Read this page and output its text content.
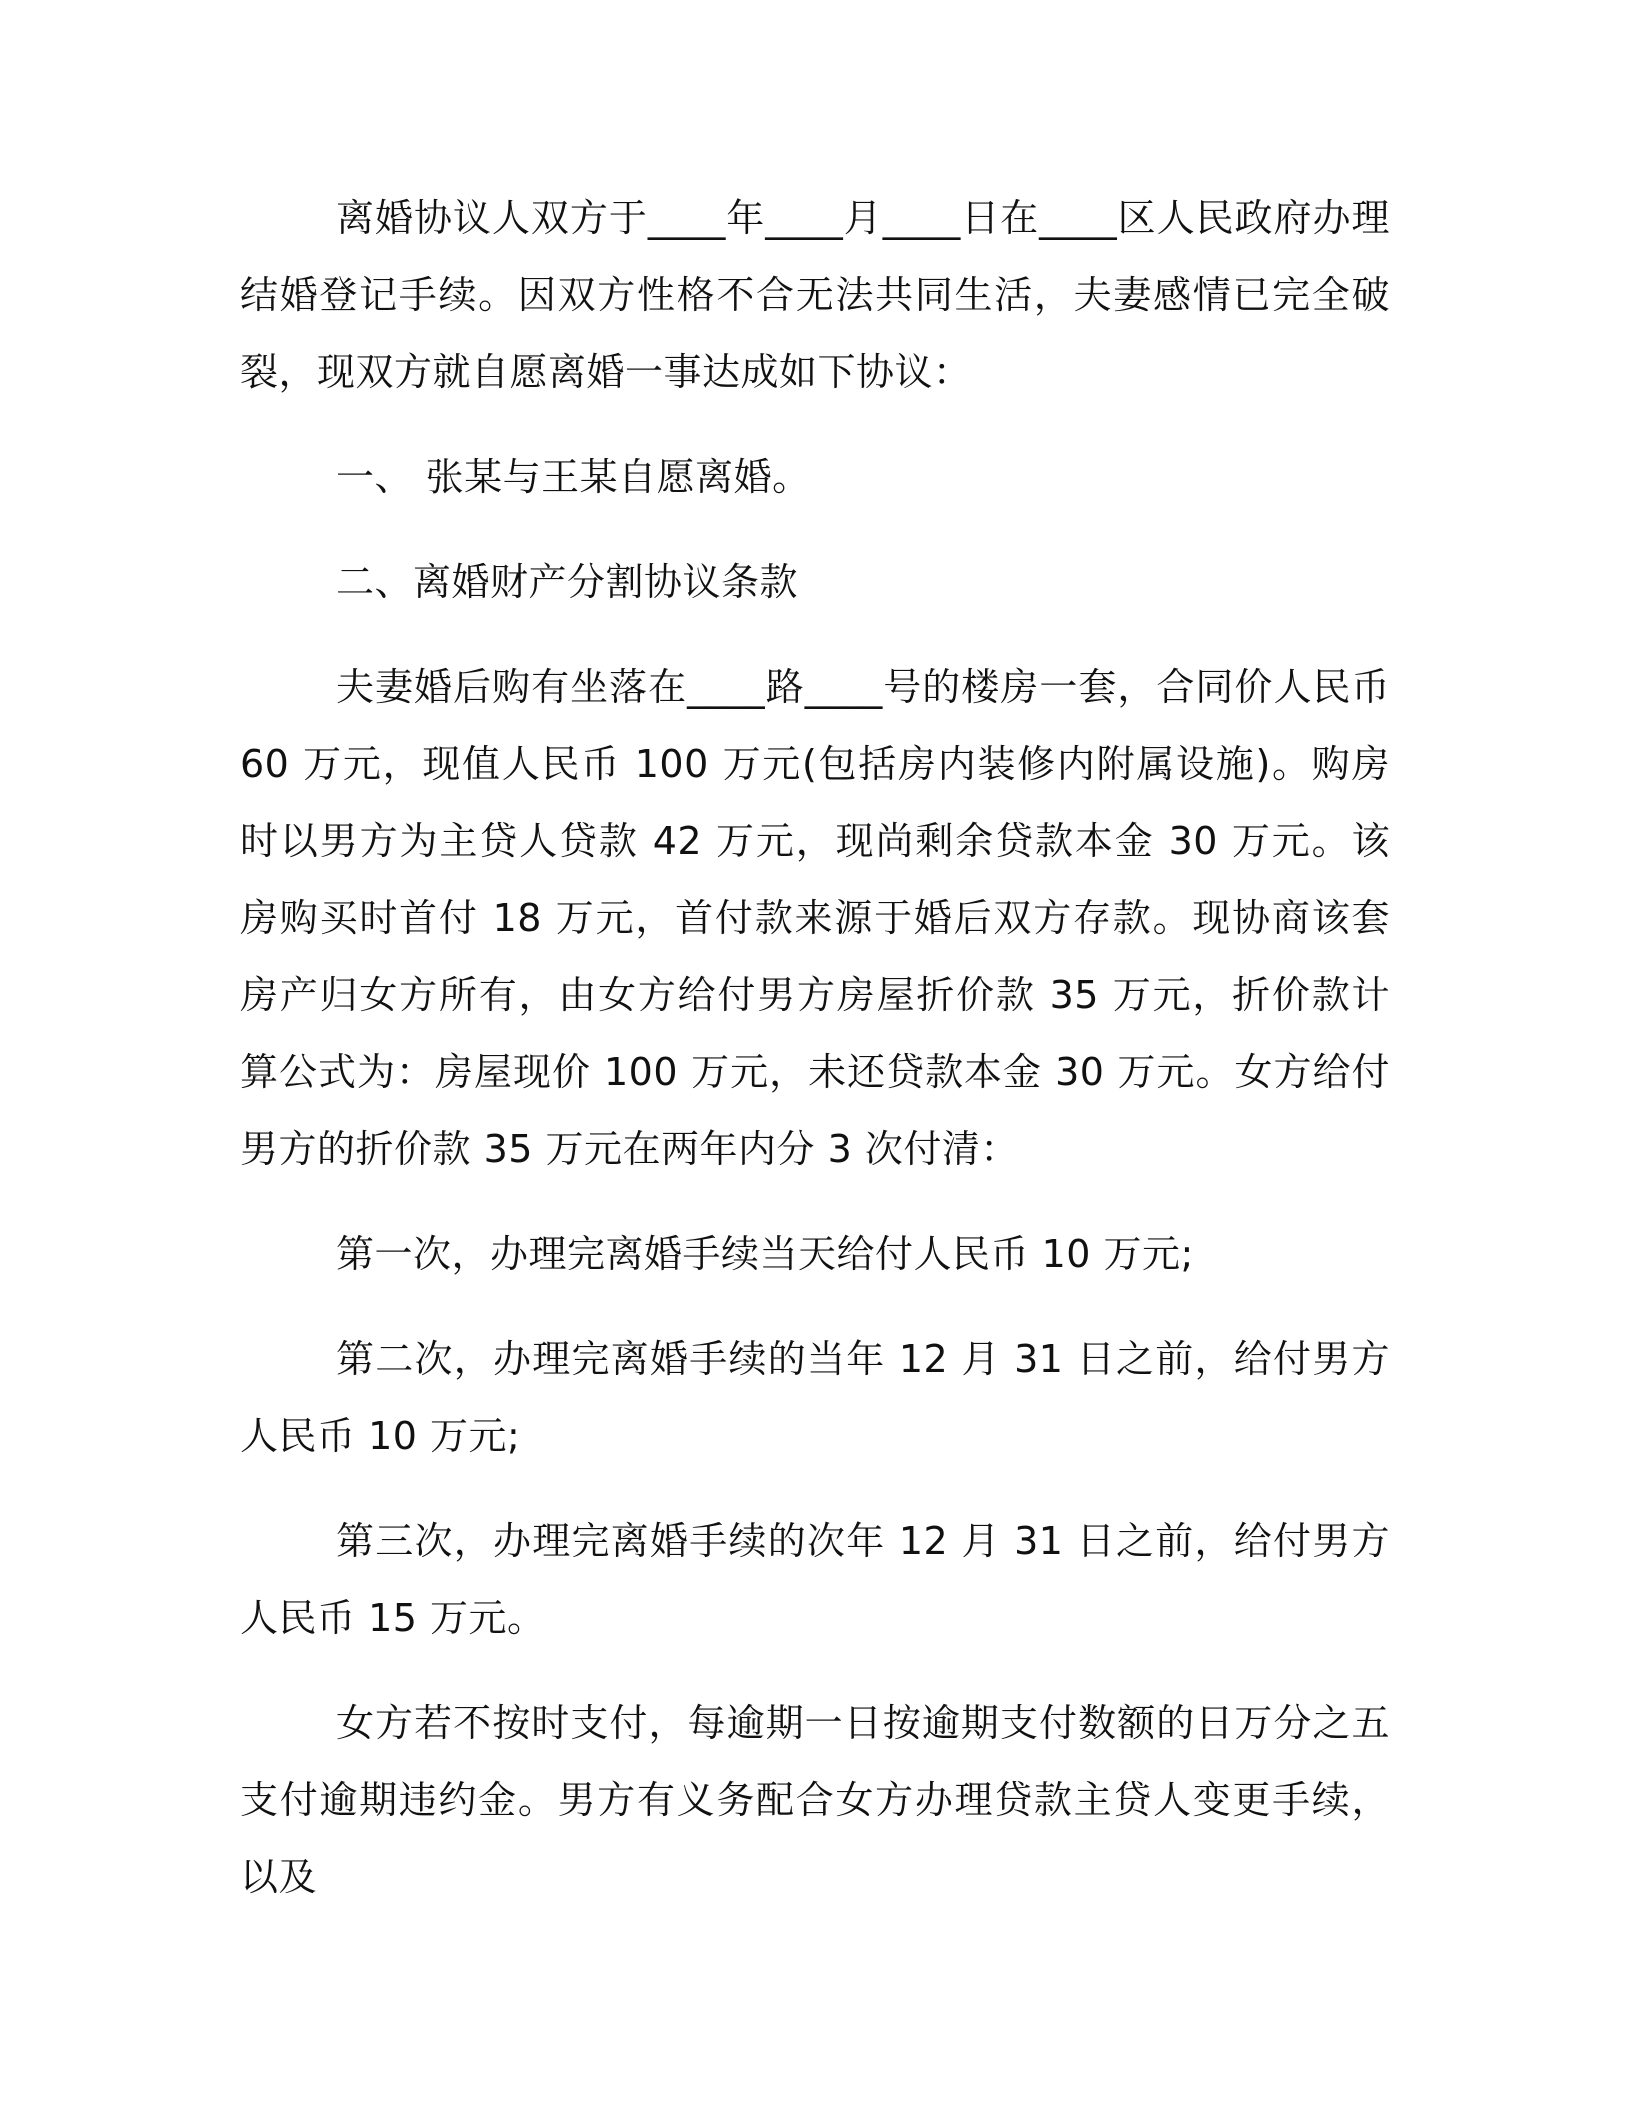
离婚协议人双方于____年____月____日在____区人民政府办理结婚登记手续。因双方性格不合无法共同生活，夫妻感情已完全破裂，现双方就自愿离婚一事达成如下协议：

一、 张某与王某自愿离婚。

二、离婚财产分割协议条款

夫妻婚后购有坐落在____路____号的楼房一套，合同价人民币 60 万元，现值人民币 100 万元(包括房内装修内附属设施)。购房时以男方为主贷人贷款 42 万元，现尚剩余贷款本金 30 万元。该房购买时首付 18 万元，首付款来源于婚后双方存款。现协商该套房产归女方所有，由女方给付男方房屋折价款 35 万元，折价款计算公式为：房屋现价 100 万元，未还贷款本金 30 万元。女方给付男方的折价款 35 万元在两年内分 3 次付清：

第一次，办理完离婚手续当天给付人民币 10 万元;

第二次，办理完离婚手续的当年 12 月 31 日之前，给付男方人民币 10 万元;

第三次，办理完离婚手续的次年 12 月 31 日之前，给付男方人民币 15 万元。

女方若不按时支付，每逾期一日按逾期支付数额的日万分之五支付逾期违约金。男方有义务配合女方办理贷款主贷人变更手续，以及
